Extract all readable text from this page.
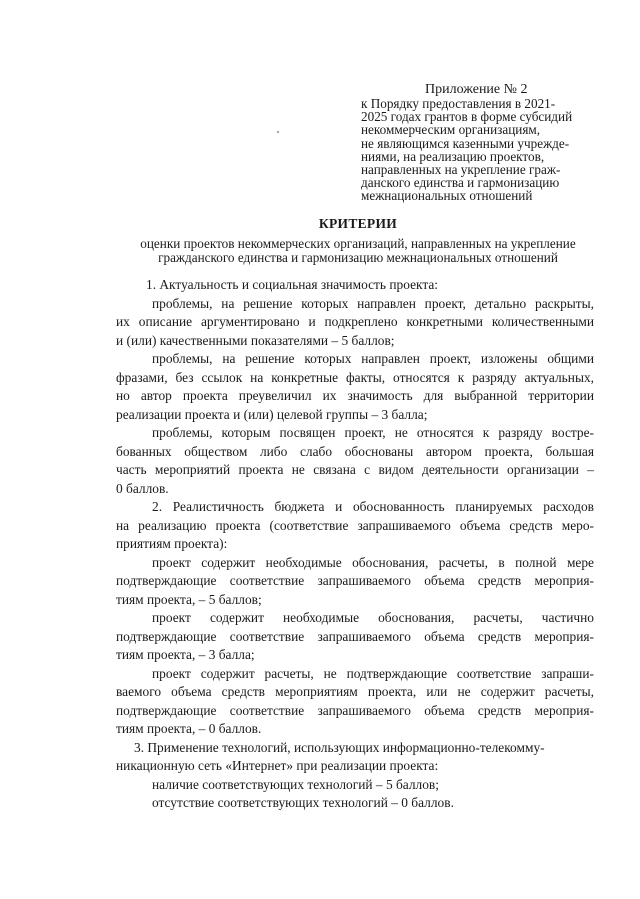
Приложение № 2
к Порядку предоставления в 2021-
2025 годах грантов в форме субсидий
некоммерческим организациям,
не являющимся казенными учрежде-
ниями, на реализацию проектов,
направленных на укрепление граж-
данского единства и гармонизацию
межнациональных отношений
КРИТЕРИИ
оценки проектов некоммерческих организаций, направленных на укрепление
гражданского единства и гармонизацию межнациональных отношений
1. Актуальность и социальная значимость проекта:
проблемы, на решение которых направлен проект, детально раскрыты,
их описание аргументировано и подкреплено конкретными количественными
и (или) качественными показателями – 5 баллов;
проблемы, на решение которых направлен проект, изложены общими
фразами, без ссылок на конкретные факты, относятся к разряду актуальных,
но автор проекта преувеличил их значимость для выбранной территории
реализации проекта и (или) целевой группы – 3 балла;
проблемы, которым посвящен проект, не относятся к разряду востре-
бованных обществом либо слабо обоснованы автором проекта, большая
часть мероприятий проекта не связана с видом деятельности организации –
0 баллов.
2. Реалистичность бюджета и обоснованность планируемых расходов
на реализацию проекта (соответствие запрашиваемого объема средств меро-
приятиям проекта):
проект содержит необходимые обоснования, расчеты, в полной мере
подтверждающие соответствие запрашиваемого объема средств мероприя-
тиям проекта, – 5 баллов;
проект содержит необходимые обоснования, расчеты, частично
подтверждающие соответствие запрашиваемого объема средств мероприя-
тиям проекта, – 3 балла;
проект содержит расчеты, не подтверждающие соответствие запраши-
ваемого объема средств мероприятиям проекта, или не содержит расчеты,
подтверждающие соответствие запрашиваемого объема средств мероприя-
тиям проекта, – 0 баллов.
3. Применение технологий, использующих информационно-телекомму-
никационную сеть «Интернет» при реализации проекта:
наличие соответствующих технологий – 5 баллов;
отсутствие соответствующих технологий – 0 баллов.
